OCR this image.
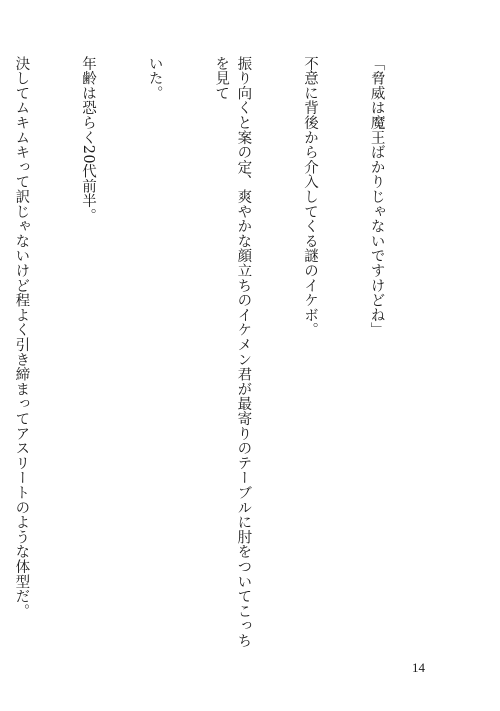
「脅威は魔王ばかりじゃないですけどね」

不意に背後から介入してくる謎のイケボ。

振り向くと案の定、爽やかな顔立ちのイケメン君が最寄りのテーブルに肘をついてこっちを見て

いた。

年齢は恐らく20代前半。

決してムキムキって訳じゃないけど程よく引き締まってアスリートのような体型だ。

14
